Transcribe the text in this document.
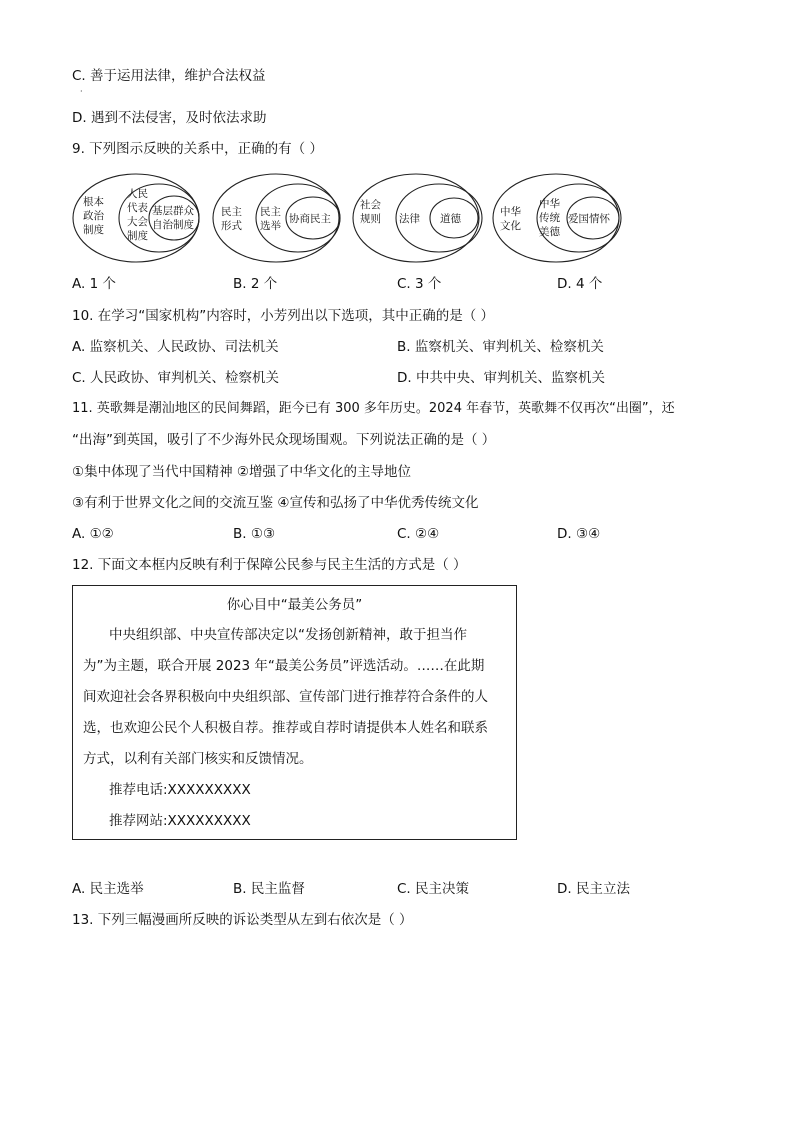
C. 善于运用法律，维护合法权益
·
D. 遇到不法侵害，及时依法求助
9. 下列图示反映的关系中，正确的有（ ）
根本
政治
制度
人民
代表
大会
制度
基层群众
自治制度
民主
形式
民主
选举
协商民主
社会
规则 法律 道德
中华
文化
中华
传统
美德
爱国情怀
A. 1 个	B. 2 个	C. 3 个	D. 4 个
10. 在学习“国家机构”内容时，小芳列出以下选项，其中正确的是（ ）
A. 监察机关、人民政协、司法机关	B. 监察机关、审判机关、检察机关
C. 人民政协、审判机关、检察机关	D. 中共中央、审判机关、监察机关
11. 英歌舞是潮汕地区的民间舞蹈，距今已有 300 多年历史。2024 年春节，英歌舞不仅再次“出圈”，还
“出海”到英国，吸引了不少海外民众现场围观。下列说法正确的是（ ）
①集中体现了当代中国精神 ②增强了中华文化的主导地位
③有利于世界文化之间的交流互鉴 ④宣传和弘扬了中华优秀传统文化
A. ①②	B. ①③	C. ②④	D. ③④
12. 下面文本框内反映有利于保障公民参与民主生活的方式是（ ）
你心目中“最美公务员”
中央组织部、中央宣传部决定以“发扬创新精神，敢于担当作
为”为主题，联合开展 2023 年“最美公务员”评选活动。……在此期
间欢迎社会各界积极向中央组织部、宣传部门进行推荐符合条件的人
选，也欢迎公民个人积极自荐。推荐或自荐时请提供本人姓名和联系
方式，以利有关部门核实和反馈情况。
推荐电话:XXXXXXXXX
推荐网站:XXXXXXXXX
A. 民主选举	B. 民主监督	C. 民主决策	D. 民主立法
13. 下列三幅漫画所反映的诉讼类型从左到右依次是（ ）
